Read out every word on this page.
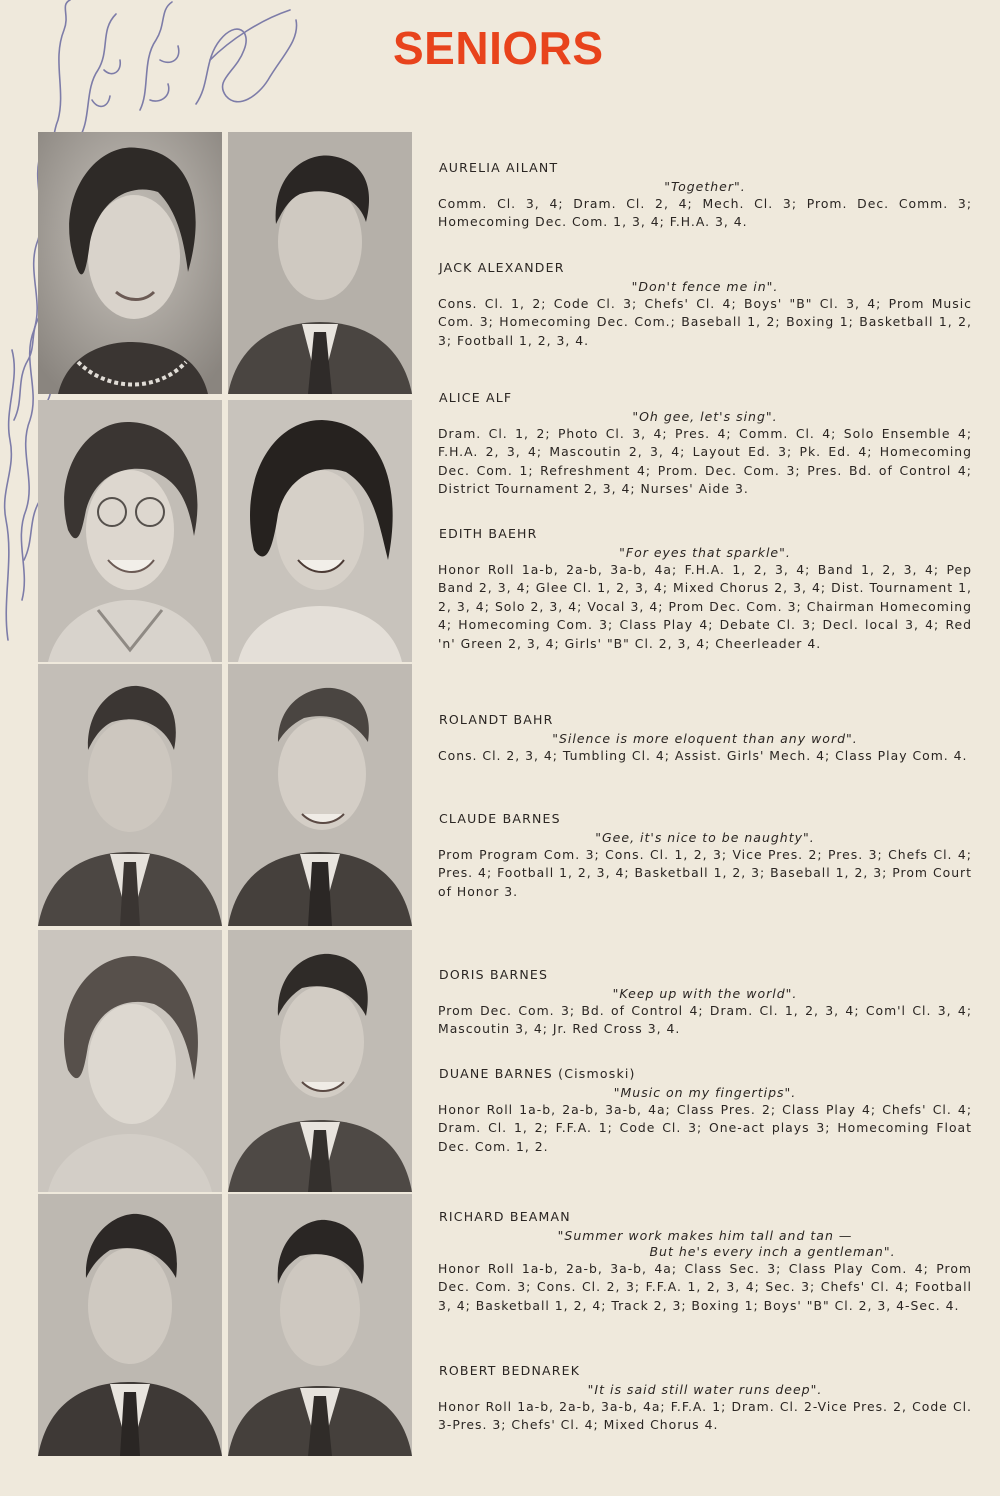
SENIORS

AURELIA AILANT

"Together".

Comm. Cl. 3, 4; Dram. Cl. 2, 4; Mech. Cl. 3; Prom. Dec. Comm. 3; Homecoming Dec. Com. 1, 3, 4; F.H.A. 3, 4.

JACK ALEXANDER

"Don't fence me in".

Cons. Cl. 1, 2; Code Cl. 3; Chefs' Cl. 4; Boys' "B" Cl. 3, 4; Prom Music Com. 3; Homecoming Dec. Com.; Baseball 1, 2; Boxing 1; Basketball 1, 2, 3; Football 1, 2, 3, 4.

ALICE ALF

"Oh gee, let's sing".

Dram. Cl. 1, 2; Photo Cl. 3, 4; Pres. 4; Comm. Cl. 4; Solo Ensemble 4; F.H.A. 2, 3, 4; Mascoutin 2, 3, 4; Layout Ed. 3; Pk. Ed. 4; Homecoming Dec. Com. 1; Refreshment 4; Prom. Dec. Com. 3; Pres. Bd. of Control 4; District Tournament 2, 3, 4; Nurses' Aide 3.

EDITH BAEHR

"For eyes that sparkle".

Honor Roll 1a-b, 2a-b, 3a-b, 4a; F.H.A. 1, 2, 3, 4; Band 1, 2, 3, 4; Pep Band 2, 3, 4; Glee Cl. 1, 2, 3, 4; Mixed Chorus 2, 3, 4; Dist. Tournament 1, 2, 3, 4; Solo 2, 3, 4; Vocal 3, 4; Prom Dec. Com. 3; Chairman Homecoming 4; Homecoming Com. 3; Class Play 4; Debate Cl. 3; Decl. local 3, 4; Red 'n' Green 2, 3, 4; Girls' "B" Cl. 2, 3, 4; Cheerleader 4.

ROLANDT BAHR

"Silence is more eloquent than any word".

Cons. Cl. 2, 3, 4; Tumbling Cl. 4; Assist. Girls' Mech. 4; Class Play Com. 4.

CLAUDE BARNES

"Gee, it's nice to be naughty".

Prom Program Com. 3; Cons. Cl. 1, 2, 3; Vice Pres. 2; Pres. 3; Chefs Cl. 4; Pres. 4; Football 1, 2, 3, 4; Basketball 1, 2, 3; Baseball 1, 2, 3; Prom Court of Honor 3.

DORIS BARNES

"Keep up with the world".

Prom Dec. Com. 3; Bd. of Control 4; Dram. Cl. 1, 2, 3, 4; Com'l Cl. 3, 4; Mascoutin 3, 4; Jr. Red Cross 3, 4.

DUANE BARNES (Cismoski)

"Music on my fingertips".

Honor Roll 1a-b, 2a-b, 3a-b, 4a; Class Pres. 2; Class Play 4; Chefs' Cl. 4; Dram. Cl. 1, 2; F.F.A. 1; Code Cl. 3; One-act plays 3; Homecoming Float Dec. Com. 1, 2.

RICHARD BEAMAN

"Summer work makes him tall and tan —

But he's every inch a gentleman".

Honor Roll 1a-b, 2a-b, 3a-b, 4a; Class Sec. 3; Class Play Com. 4; Prom Dec. Com. 3; Cons. Cl. 2, 3; F.F.A. 1, 2, 3, 4; Sec. 3; Chefs' Cl. 4; Football 3, 4; Basketball 1, 2, 4; Track 2, 3; Boxing 1; Boys' "B" Cl. 2, 3, 4-Sec. 4.

ROBERT BEDNAREK

"It is said still water runs deep".

Honor Roll 1a-b, 2a-b, 3a-b, 4a; F.F.A. 1; Dram. Cl. 2-Vice Pres. 2, Code Cl. 3-Pres. 3; Chefs' Cl. 4; Mixed Chorus 4.
